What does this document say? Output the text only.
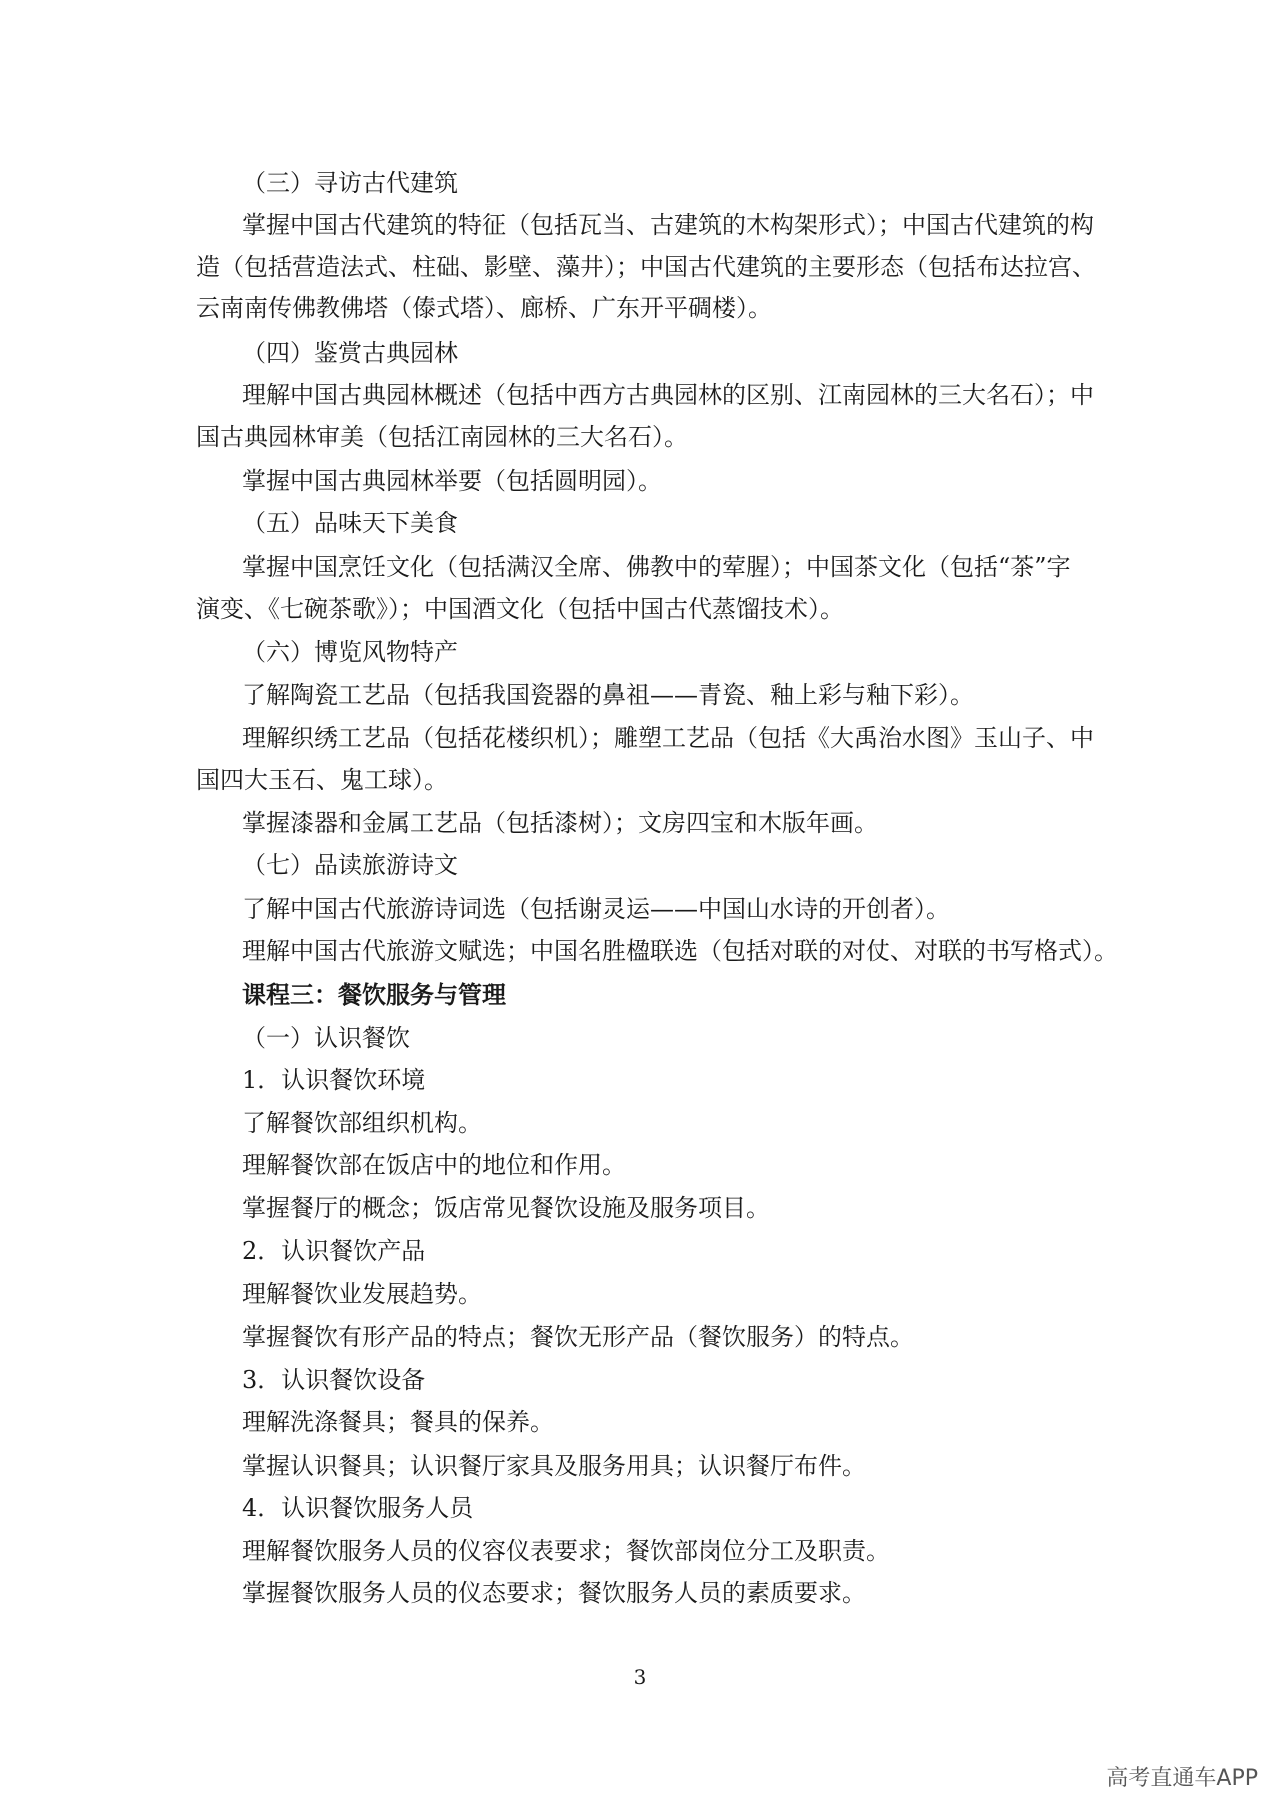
（三）寻访古代建筑
掌握中国古代建筑的特征（包括瓦当、古建筑的木构架形式）；中国古代建筑的构
造（包括营造法式、柱础、影壁、藻井）；中国古代建筑的主要形态（包括布达拉宫、
云南南传佛教佛塔（傣式塔）、廊桥、广东开平碉楼）。
（四）鉴赏古典园林
理解中国古典园林概述（包括中西方古典园林的区别、江南园林的三大名石）；中
国古典园林审美（包括江南园林的三大名石）。
掌握中国古典园林举要（包括圆明园）。
（五）品味天下美食
掌握中国烹饪文化（包括满汉全席、佛教中的荤腥）；中国茶文化（包括“茶”字
演变、《七碗茶歌》）；中国酒文化（包括中国古代蒸馏技术）。
（六）博览风物特产
了解陶瓷工艺品（包括我国瓷器的鼻祖——青瓷、釉上彩与釉下彩）。
理解织绣工艺品（包括花楼织机）；雕塑工艺品（包括《大禹治水图》玉山子、中
国四大玉石、鬼工球）。
掌握漆器和金属工艺品（包括漆树）；文房四宝和木版年画。
（七）品读旅游诗文
了解中国古代旅游诗词选（包括谢灵运——中国山水诗的开创者）。
理解中国古代旅游文赋选；中国名胜楹联选（包括对联的对仗、对联的书写格式）。
课程三：餐饮服务与管理
（一）认识餐饮
1．认识餐饮环境
了解餐饮部组织机构。
理解餐饮部在饭店中的地位和作用。
掌握餐厅的概念；饭店常见餐饮设施及服务项目。
2．认识餐饮产品
理解餐饮业发展趋势。
掌握餐饮有形产品的特点；餐饮无形产品（餐饮服务）的特点。
3．认识餐饮设备
理解洗涤餐具；餐具的保养。
掌握认识餐具；认识餐厅家具及服务用具；认识餐厅布件。
4．认识餐饮服务人员
理解餐饮服务人员的仪容仪表要求；餐饮部岗位分工及职责。
掌握餐饮服务人员的仪态要求；餐饮服务人员的素质要求。
3
高考直通车APP
